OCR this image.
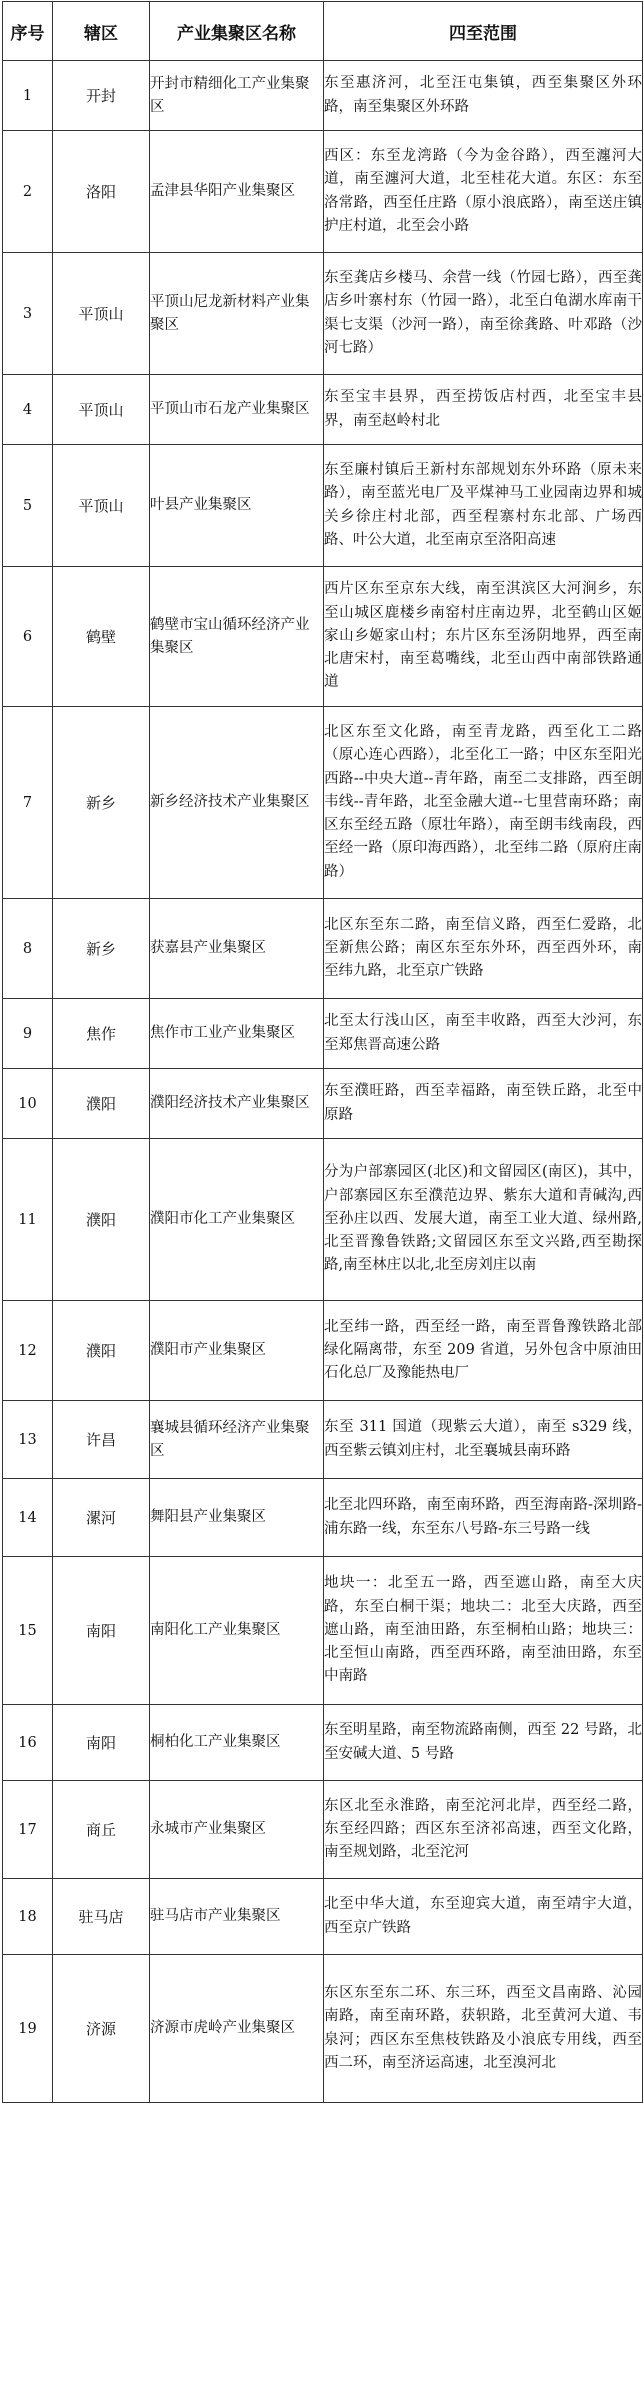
序号	辖区	产业集聚区名称	四至范围
1	开封	开封市精细化工产业集聚区	东至惠济河，北至汪屯集镇，西至集聚区外环路，南至集聚区外环路
2	洛阳	孟津县华阳产业集聚区	西区：东至龙湾路（今为金谷路），西至瀍河大道，南至瀍河大道，北至桂花大道。东区：东至洛常路，西至任庄路（原小浪底路），南至送庄镇护庄村道，北至会小路
3	平顶山	平顶山尼龙新材料产业集聚区	东至龚店乡楼马、余营一线（竹园七路），西至龚店乡叶寨村东（竹园一路），北至白龟湖水库南干渠七支渠（沙河一路），南至徐龚路、叶邓路（沙河七路）
4	平顶山	平顶山市石龙产业集聚区	东至宝丰县界，西至捞饭店村西，北至宝丰县界，南至赵岭村北
5	平顶山	叶县产业集聚区	东至廉村镇后王新村东部规划东外环路（原未来路），南至蓝光电厂及平煤神马工业园南边界和城关乡徐庄村北部，西至程寨村东北部、广场西路、叶公大道，北至南京至洛阳高速
6	鹤壁	鹤壁市宝山循环经济产业集聚区	西片区东至京东大线，南至淇滨区大河涧乡，东至山城区鹿楼乡南窑村庄南边界，北至鹤山区姬家山乡姬家山村；东片区东至汤阴地界，西至南北唐宋村，南至葛嘴线，北至山西中南部铁路通道
7	新乡	新乡经济技术产业集聚区	北区东至文化路，南至青龙路，西至化工二路（原心连心西路），北至化工一路；中区东至阳光西路--中央大道--青年路，南至二支排路，西至朗韦线--青年路，北至金融大道--七里营南环路；南区东至经五路（原壮年路），南至朗韦线南段，西至经一路（原印海西路），北至纬二路（原府庄南路）
8	新乡	获嘉县产业集聚区	北区东至东二路，南至信义路，西至仁爱路，北至新焦公路；南区东至东外环，西至西外环，南至纬九路，北至京广铁路
9	焦作	焦作市工业产业集聚区	北至太行浅山区，南至丰收路，西至大沙河，东至郑焦晋高速公路
10	濮阳	濮阳经济技术产业集聚区	东至濮旺路，西至幸福路，南至铁丘路，北至中原路
11	濮阳	濮阳市化工产业集聚区	分为户部寨园区(北区)和文留园区(南区)，其中，户部寨园区东至濮范边界、紫东大道和青碱沟,西至孙庄以西、发展大道，南至工业大道、绿州路,北至晋豫鲁铁路;文留园区东至文兴路,西至勘探路,南至林庄以北,北至房刘庄以南
12	濮阳	濮阳市产业集聚区	北至纬一路，西至经一路，南至晋鲁豫铁路北部绿化隔离带，东至 209 省道，另外包含中原油田石化总厂及豫能热电厂
13	许昌	襄城县循环经济产业集聚区	东至 311 国道（现紫云大道），南至 s329 线，西至紫云镇刘庄村，北至襄城县南环路
14	漯河	舞阳县产业集聚区	北至北四环路，南至南环路，西至海南路-深圳路-浦东路一线，东至东八号路-东三号路一线
15	南阳	南阳化工产业集聚区	地块一：北至五一路，西至遮山路，南至大庆路，东至白桐干渠；地块二：北至大庆路，西至遮山路，南至油田路，东至桐柏山路；地块三：北至恒山南路，西至西环路，南至油田路，东至中南路
16	南阳	桐柏化工产业集聚区	东至明星路，南至物流路南侧，西至 22 号路，北至安碱大道、5 号路
17	商丘	永城市产业集聚区	东区北至永淮路，南至沱河北岸，西至经二路，东至经四路；西区东至济祁高速，西至文化路，南至规划路，北至沱河
18	驻马店	驻马店市产业集聚区	北至中华大道，东至迎宾大道，南至靖宇大道，西至京广铁路
19	济源	济源市虎岭产业集聚区	东区东至东二环、东三环，西至文昌南路、沁园南路，南至南环路，获轵路，北至黄河大道、韦泉河；西区东至焦枝铁路及小浪底专用线，西至西二环，南至济运高速，北至溴河北
